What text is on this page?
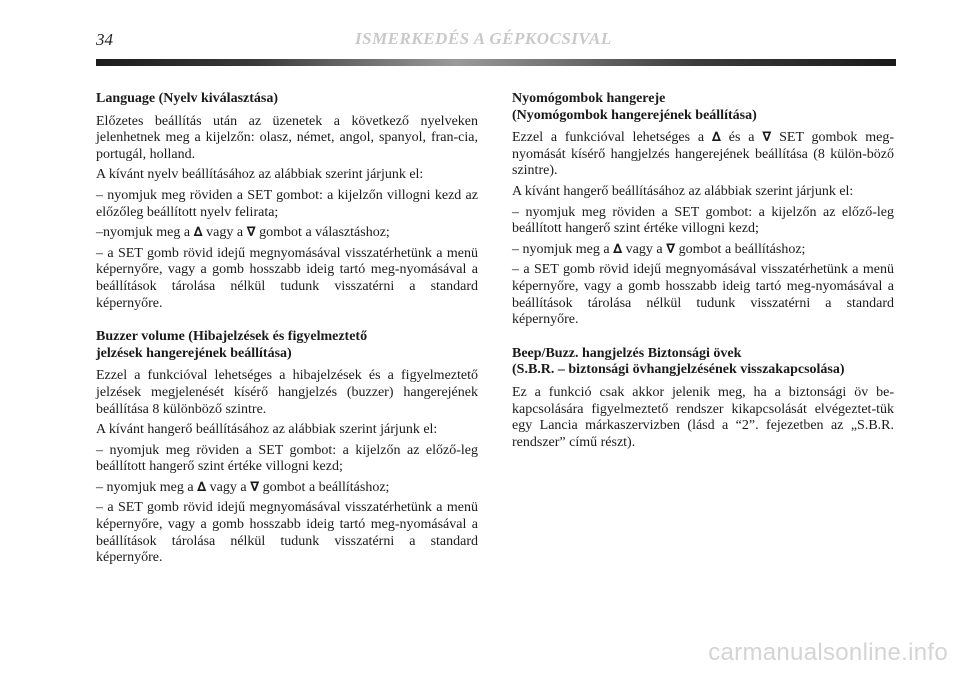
34	ISMERKEDÉS A GÉPKOCSIVAL
Language (Nyelv kiválasztása)

Előzetes beállítás után az üzenetek a következő nyelveken jelenhetnek meg a kijelzőn: olasz, német, angol, spanyol, fran-cia, portugál, holland.

A kívánt nyelv beállításához az alábbiak szerint járjunk el:

– nyomjuk meg röviden a SET gombot: a kijelzőn villogni kezd az előzőleg beállított nyelv felirata;

–nyomjuk meg a ∆ vagy a ∇ gombot a választáshoz;

– a SET gomb rövid idejű megnyomásával visszatérhetünk a menü képernyőre, vagy a gomb hosszabb ideig tartó meg-nyomásával a beállítások tárolása nélkül tudunk visszatérni a standard képernyőre.

Buzzer volume (Hibajelzések és figyelmeztető
jelzések hangerejének beállítása)

Ezzel a funkcióval lehetséges a hibajelzések és a figyelmeztető jelzések megjelenését kísérő hangjelzés (buzzer) hangerejének beállítása 8 különböző szintre.

A kívánt hangerő beállításához az alábbiak szerint járjunk el:

– nyomjuk meg röviden a SET gombot: a kijelzőn az előző-leg beállított hangerő szint értéke villogni kezd;

– nyomjuk meg a ∆ vagy a ∇ gombot a beállításhoz;

– a SET gomb rövid idejű megnyomásával visszatérhetünk a menü képernyőre, vagy a gomb hosszabb ideig tartó meg-nyomásával a beállítások tárolása nélkül tudunk visszatérni a standard képernyőre.

Nyomógombok hangereje
(Nyomógombok hangerejének beállítása)

Ezzel a funkcióval lehetséges a ∆ és a ∇ SET gombok meg-nyomását kísérő hangjelzés hangerejének beállítása (8 külön-böző szintre).

A kívánt hangerő beállításához az alábbiak szerint járjunk el:

– nyomjuk meg röviden a SET gombot: a kijelzőn az előző-leg beállított hangerő szint értéke villogni kezd;

– nyomjuk meg a ∆ vagy a ∇ gombot a beállításhoz;

– a SET gomb rövid idejű megnyomásával visszatérhetünk a menü képernyőre, vagy a gomb hosszabb ideig tartó meg-nyomásával a beállítások tárolása nélkül tudunk visszatérni a standard képernyőre.

Beep/Buzz. hangjelzés Biztonsági övek
(S.B.R. – biztonsági övhangjelzésének visszakapcsolása)

Ez a funkció csak akkor jelenik meg, ha a biztonsági öv be-kapcsolására figyelmeztető rendszer kikapcsolását elvégeztet-tük egy Lancia márkaszervizben (lásd a “2”. fejezetben az „S.B.R. rendszer” című részt).

carmanualsonline.info
